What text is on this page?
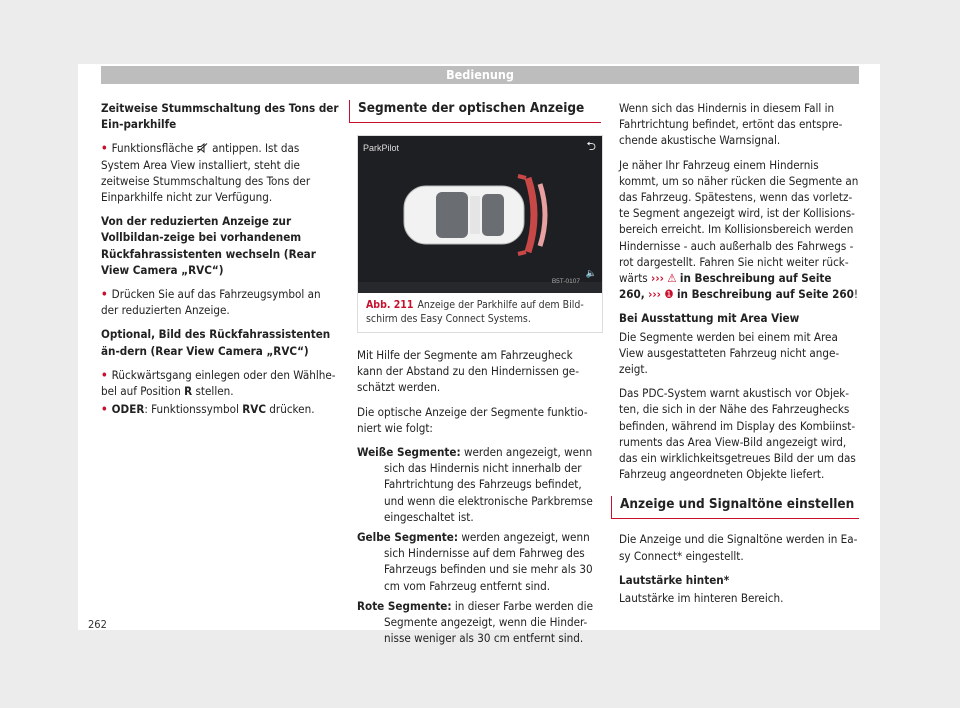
Bedienung

Zeitweise Stummschaltung des Tons der Ein-parkhilfe

• Funktionsfläche antippen. Ist das System Area View installiert, steht die zeitweise Stummschaltung des Tons der Einparkhilfe nicht zur Verfügung.

Von der reduzierten Anzeige zur Vollbildan-zeige bei vorhandenem Rückfahrassistenten wechseln (Rear View Camera „RVC“)

• Drücken Sie auf das Fahrzeugsymbol an der reduzierten Anzeige.

Optional, Bild des Rückfahrassistenten än-dern (Rear View Camera „RVC“)

• Rückwärtsgang einlegen oder den Wählhe-bel auf Position R stellen.

• ODER: Funktionssymbol RVC drücken.

Segmente der optischen Anzeige
ParkPilot	⮌
🔈
B5T-0107
Abb. 211 Anzeige der Parkhilfe auf dem Bild-schirm des Easy Connect Systems.

Mit Hilfe der Segmente am Fahrzeugheck kann der Abstand zu den Hindernissen ge-schätzt werden.

Die optische Anzeige der Segmente funktio-niert wie folgt:

Weiße Segmente: werden angezeigt, wenn
sich das Hindernis nicht innerhalb der Fahrtrichtung des Fahrzeugs befindet, und wenn die elektronische Parkbremse eingeschaltet ist.
Gelbe Segmente: werden angezeigt, wenn
sich Hindernisse auf dem Fahrweg des Fahrzeugs befinden und sie mehr als 30 cm vom Fahrzeug entfernt sind.
Rote Segmente: in dieser Farbe werden die
Segmente angezeigt, wenn die Hinder-nisse weniger als 30 cm entfernt sind.

Wenn sich das Hindernis in diesem Fall in Fahrtrichtung befindet, ertönt das entspre-chende akustische Warnsignal.

Je näher Ihr Fahrzeug einem Hindernis kommt, um so näher rücken die Segmente an das Fahrzeug. Spätestens, wenn das vorletz-te Segment angezeigt wird, ist der Kollisions-bereich erreicht. Im Kollisionsbereich werden Hindernisse - auch außerhalb des Fahrwegs - rot dargestellt. Fahren Sie nicht weiter rück-wärts ››› ⚠ in Beschreibung auf Seite 260, ››› ❶ in Beschreibung auf Seite 260!

Bei Ausstattung mit Area View

Die Segmente werden bei einem mit Area View ausgestatteten Fahrzeug nicht ange-zeigt.

Das PDC-System warnt akustisch vor Objek-ten, die sich in der Nähe des Fahrzeughecks befinden, während im Display des Kombiinst-ruments das Area View-Bild angezeigt wird, das ein wirklichkeitsgetreues Bild der um das Fahrzeug angeordneten Objekte liefert.

Anzeige und Signaltöne einstellen

Die Anzeige und die Signaltöne werden in Ea-sy Connect* eingestellt.

Lautstärke hinten*

Lautstärke im hinteren Bereich.

262
